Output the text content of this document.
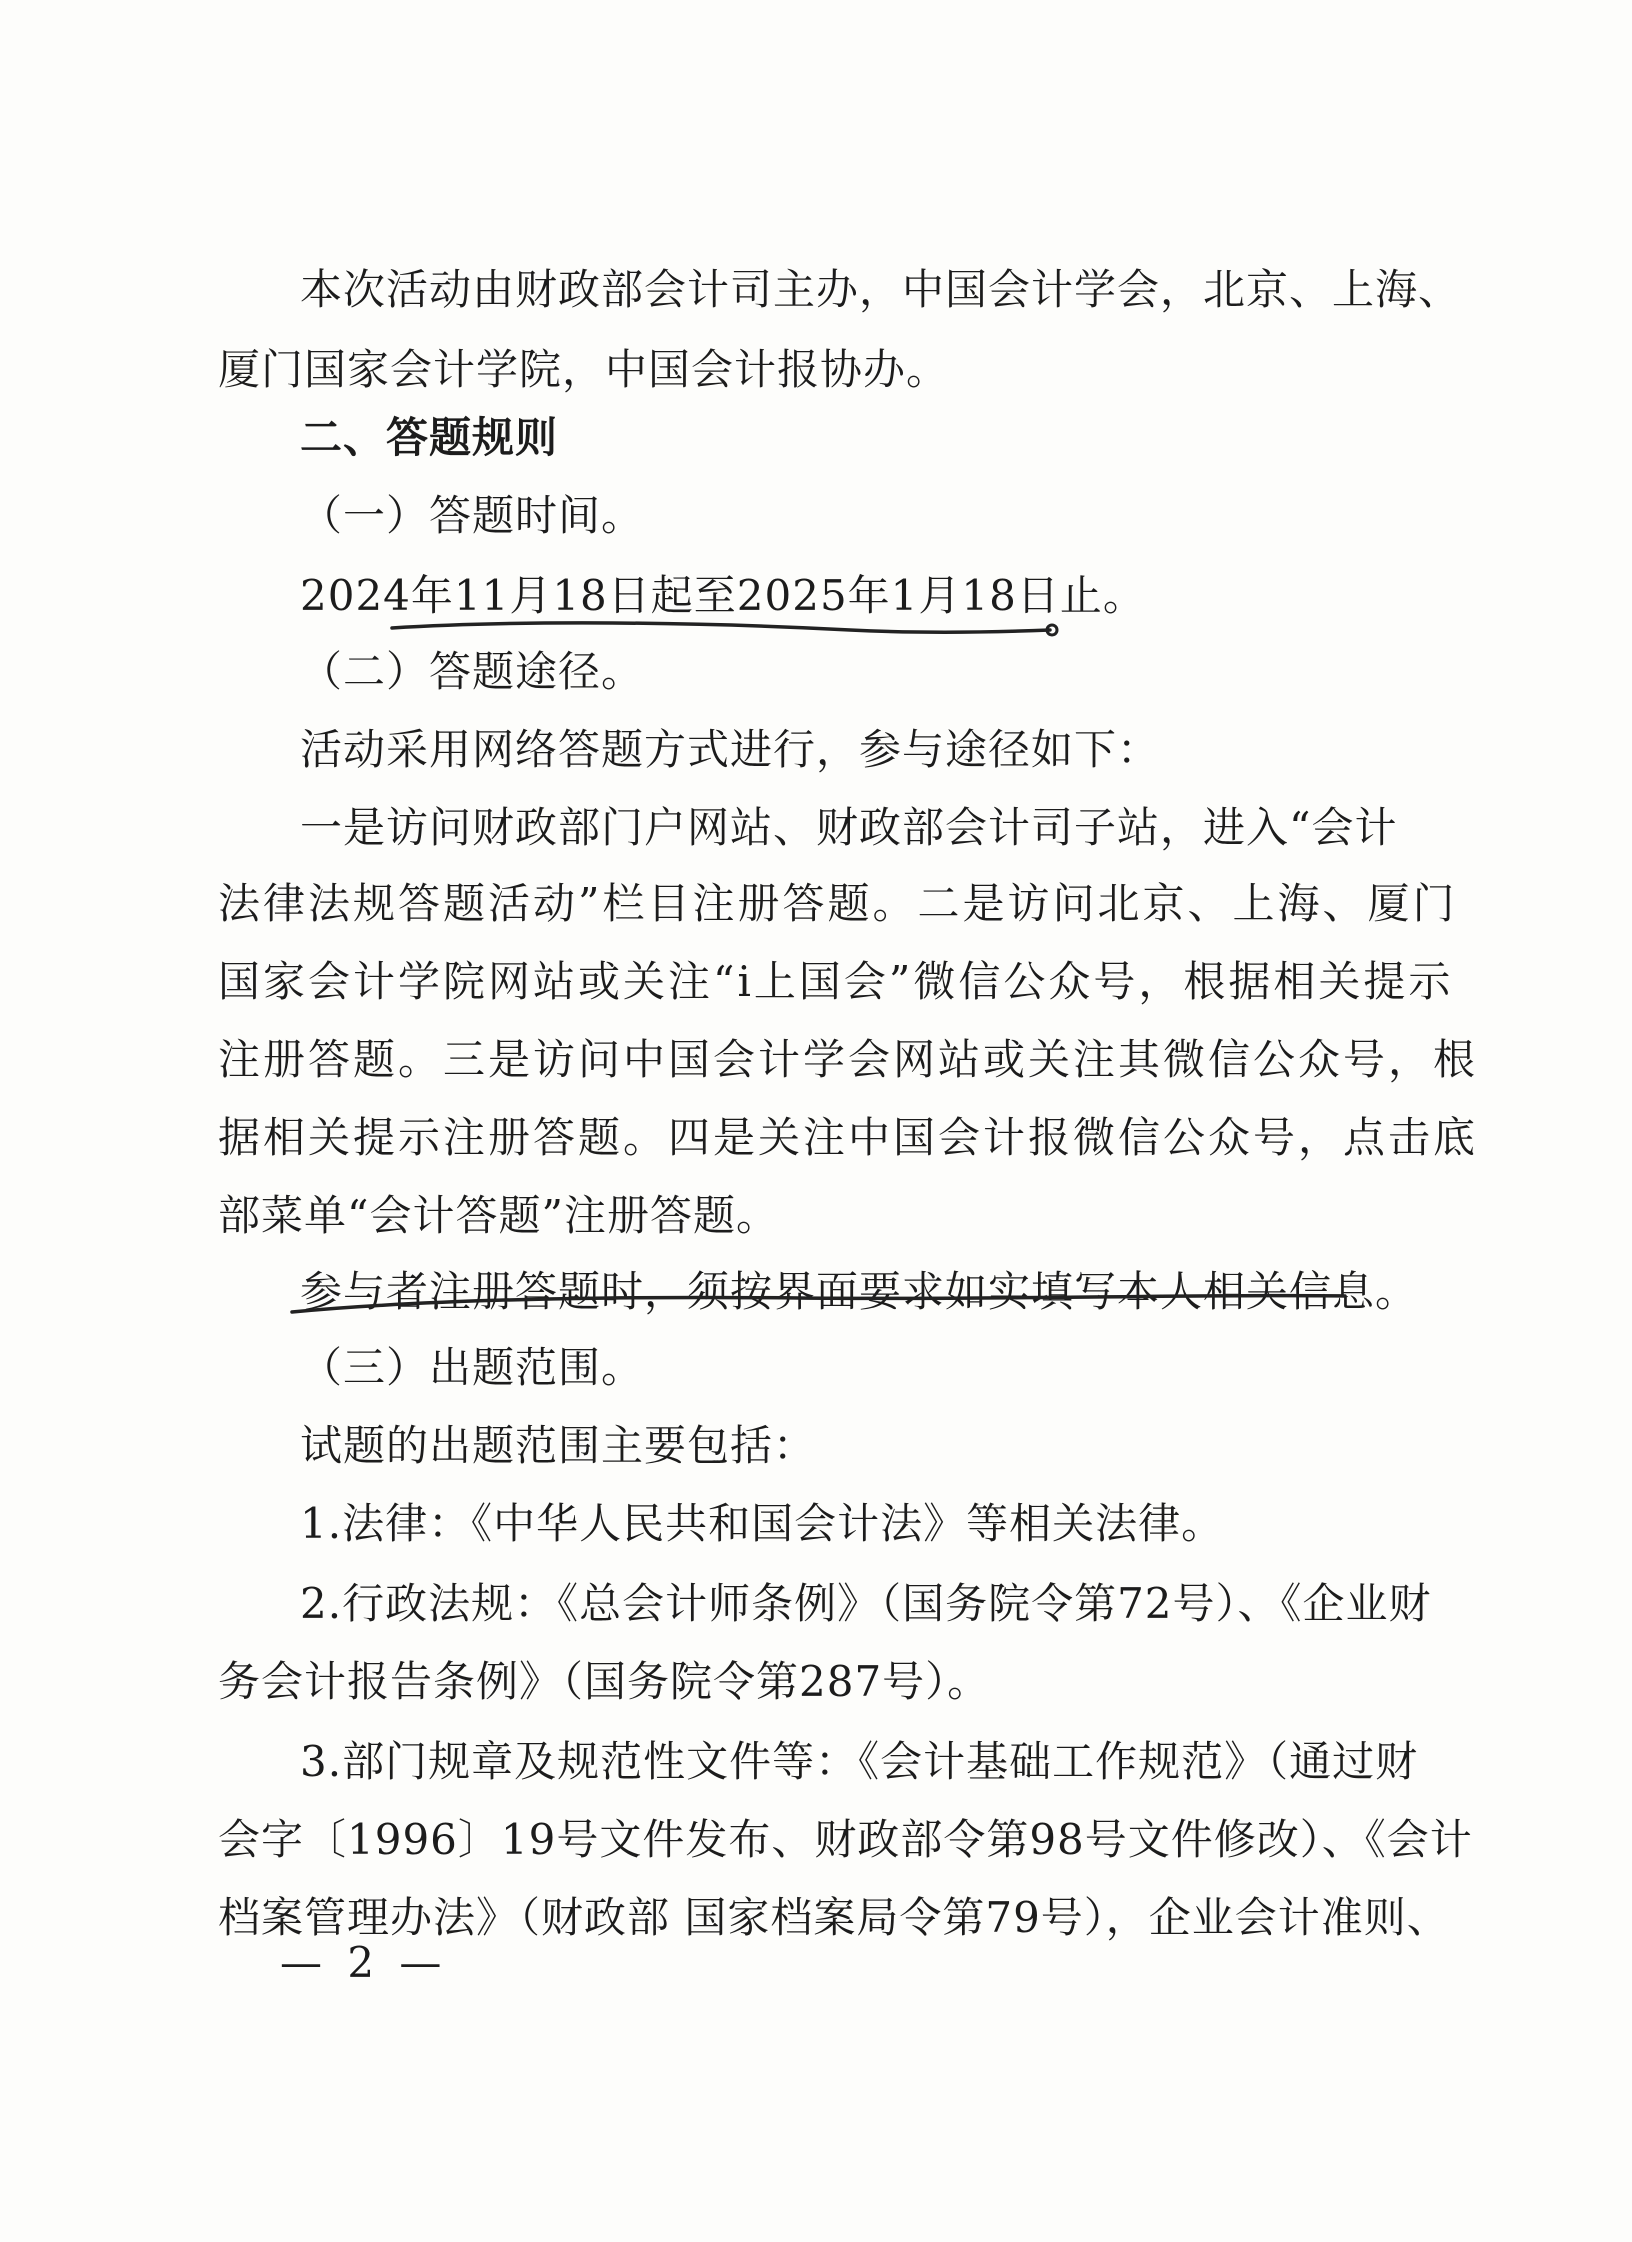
本次活动由财政部会计司主办，中国会计学会，北京、上海、
厦门国家会计学院，中国会计报协办。
二、答题规则
（一）答题时间。
2024年11月18日起至2025年1月18日止。
（二）答题途径。
活动采用网络答题方式进行，参与途径如下：
一是访问财政部门户网站、财政部会计司子站，进入“会计
法律法规答题活动”栏目注册答题。二是访问北京、上海、厦门
国家会计学院网站或关注“i上国会”微信公众号，根据相关提示
注册答题。三是访问中国会计学会网站或关注其微信公众号，根
据相关提示注册答题。四是关注中国会计报微信公众号，点击底
部菜单“会计答题”注册答题。
参与者注册答题时，须按界面要求如实填写本人相关信息。
（三）出题范围。
试题的出题范围主要包括：
1.法律：《中华人民共和国会计法》等相关法律。
2.行政法规：《总会计师条例》（国务院令第72号）、《企业财
务会计报告条例》（国务院令第287号）。
3.部门规章及规范性文件等：《会计基础工作规范》（通过财
会字〔1996〕19号文件发布、财政部令第98号文件修改）、《会计
档案管理办法》（财政部 国家档案局令第79号），企业会计准则、
— 2 —
